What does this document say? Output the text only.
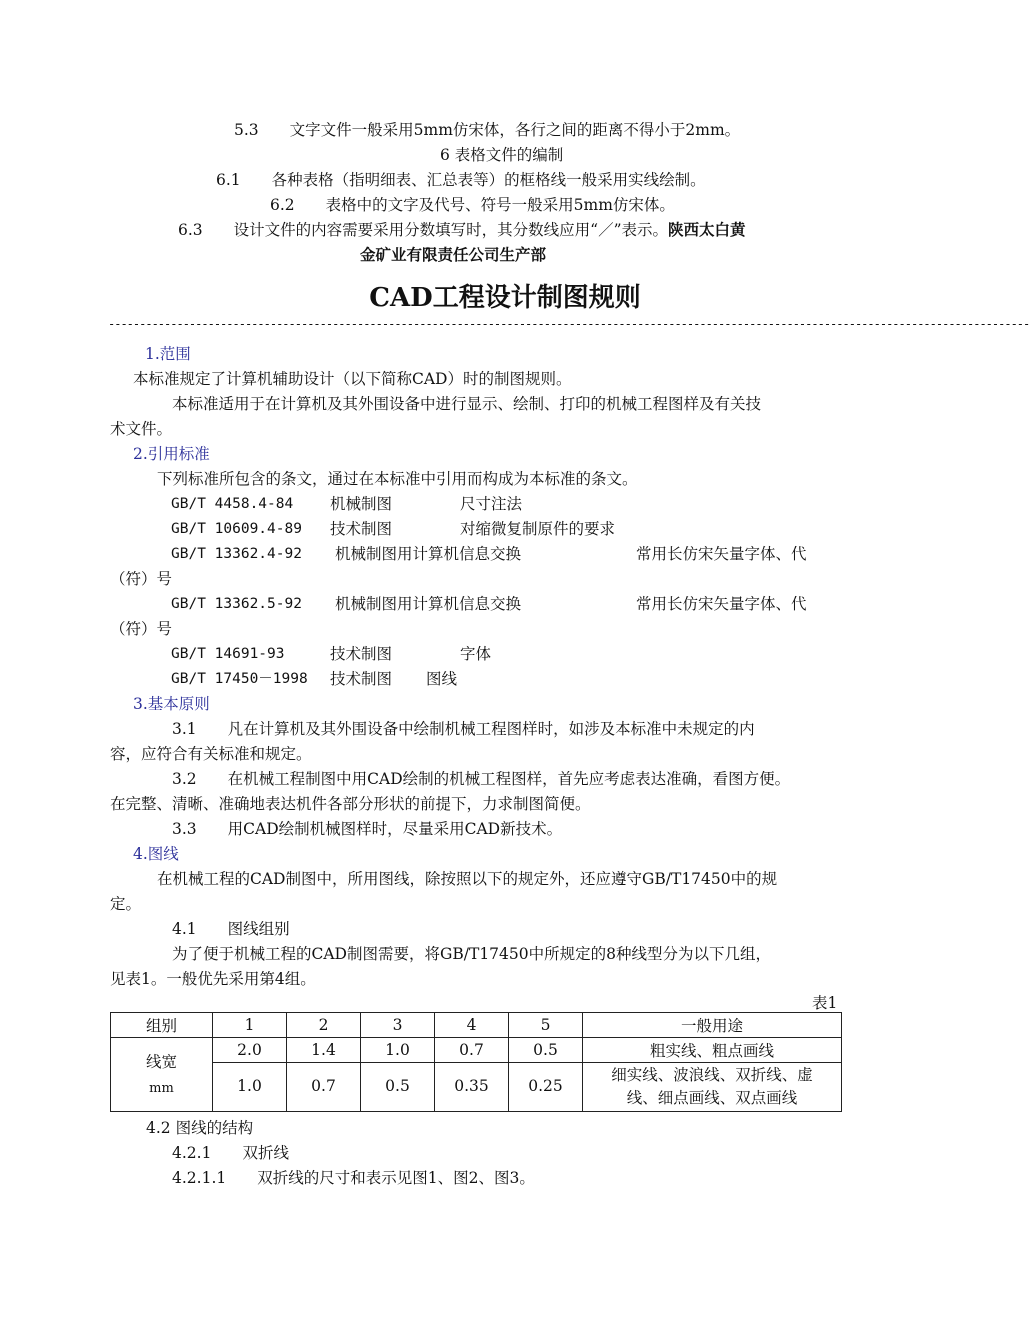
5.3　　文字文件一般采用5mm仿宋体，各行之间的距离不得小于2mm。
6 表格文件的编制
6.1　　各种表格（指明细表、汇总表等）的框格线一般采用实线绘制。
6.2　　表格中的文字及代号、符号一般采用5mm仿宋体。
6.3　　设计文件的内容需要采用分数填写时，其分数线应用“／”表示。陕西太白黄
金矿业有限责任公司生产部
CAD工程设计制图规则
----------------------------------------------------------------------------------------------------------------------------------------------------
1.范围
本标准规定了计算机辅助设计（以下简称CAD）时的制图规则。
本标准适用于在计算机及其外围设备中进行显示、绘制、打印的机械工程图样及有关技
术文件。
2.引用标准
下列标准所包含的条文，通过在本标准中引用而构成为本标准的条文。
GB/T 4458.4-84 机械制图	尺寸注法
GB/T 10609.4-89 技术制图	对缩微复制原件的要求
GB/T 13362.4-92 机械制图用计算机信息交换	常用长仿宋矢量字体、代
（符）号
GB/T 13362.5-92 机械制图用计算机信息交换	常用长仿宋矢量字体、代
（符）号
GB/T 14691-93	技术制图	字体
GB/T 17450－1998 技术制图 图线
3.基本原则
3.1　　凡在计算机及其外围设备中绘制机械工程图样时，如涉及本标准中未规定的内
容，应符合有关标准和规定。
3.2　　在机械工程制图中用CAD绘制的机械工程图样，首先应考虑表达准确，看图方便。
在完整、清晰、准确地表达机件各部分形状的前提下，力求制图简便。
3.3　　用CAD绘制机械图样时，尽量采用CAD新技术。
4.图线
在机械工程的CAD制图中，所用图线，除按照以下的规定外，还应遵守GB/T17450中的规
定。
4.1　　图线组别
为了便于机械工程的CAD制图需要，将GB/T17450中所规定的8种线型分为以下几组，
见表1。一般优先采用第4组。
表1
组别	1	2	3	4	5	一般用途
线宽
mm	2.0	1.4	1.0	0.7	0.5	粗实线、粗点画线
	1.0	0.7	0.5	0.35	0.25	细实线、波浪线、双折线、虚
线、细点画线、双点画线
4.2 图线的结构
4.2.1　　双折线
4.2.1.1　　双折线的尺寸和表示见图1、图2、图3。
